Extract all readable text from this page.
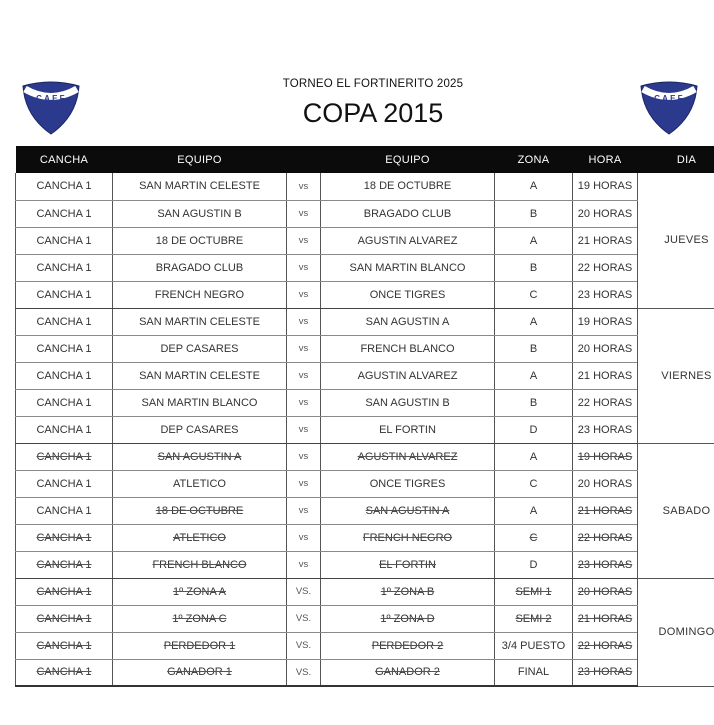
C.A.E.F.	C.A.E.F.
TORNEO EL FORTINERITO 2025
COPA 2015
CANCHA	EQUIPO		EQUIPO	ZONA	HORA	DIA
CANCHA 1	SAN MARTIN CELESTE	vs	18 DE OCTUBRE	A	19 HORAS	JUEVES
CANCHA 1	SAN AGUSTIN B	vs	BRAGADO CLUB	B	20 HORAS	
CANCHA 1	18 DE OCTUBRE	vs	AGUSTIN ALVAREZ	A	21 HORAS	
CANCHA 1	BRAGADO CLUB	vs	SAN MARTIN BLANCO	B	22 HORAS	
CANCHA 1	FRENCH NEGRO	vs	ONCE TIGRES	C	23 HORAS	
CANCHA 1	SAN MARTIN CELESTE	vs	SAN AGUSTIN A	A	19 HORAS	VIERNES
CANCHA 1	DEP CASARES	vs	FRENCH BLANCO	B	20 HORAS	
CANCHA 1	SAN MARTIN CELESTE	vs	AGUSTIN ALVAREZ	A	21 HORAS	
CANCHA 1	SAN MARTIN BLANCO	vs	SAN AGUSTIN B	B	22 HORAS	
CANCHA 1	DEP CASARES	vs	EL FORTIN	D	23 HORAS	
CANCHA 1	SAN AGUSTIN A	vs	AGUSTIN ALVAREZ	A	19 HORAS	SABADO
CANCHA 1	ATLETICO	vs	ONCE TIGRES	C	20 HORAS	
CANCHA 1	18 DE OCTUBRE	vs	SAN AGUSTIN A	A	21 HORAS	
CANCHA 1	ATLETICO	vs	FRENCH NEGRO	C	22 HORAS	
CANCHA 1	FRENCH BLANCO	vs	EL FORTIN	D	23 HORAS	
CANCHA 1	1º ZONA A	VS.	1º ZONA B	SEMI 1	20 HORAS	DOMINGO
CANCHA 1	1º ZONA C	VS.	1º ZONA D	SEMI 2	21 HORAS	
CANCHA 1	PERDEDOR 1	VS.	PERDEDOR 2	3/4 PUESTO	22 HORAS	
CANCHA 1	GANADOR 1	VS.	GANADOR 2	FINAL	23 HORAS	
